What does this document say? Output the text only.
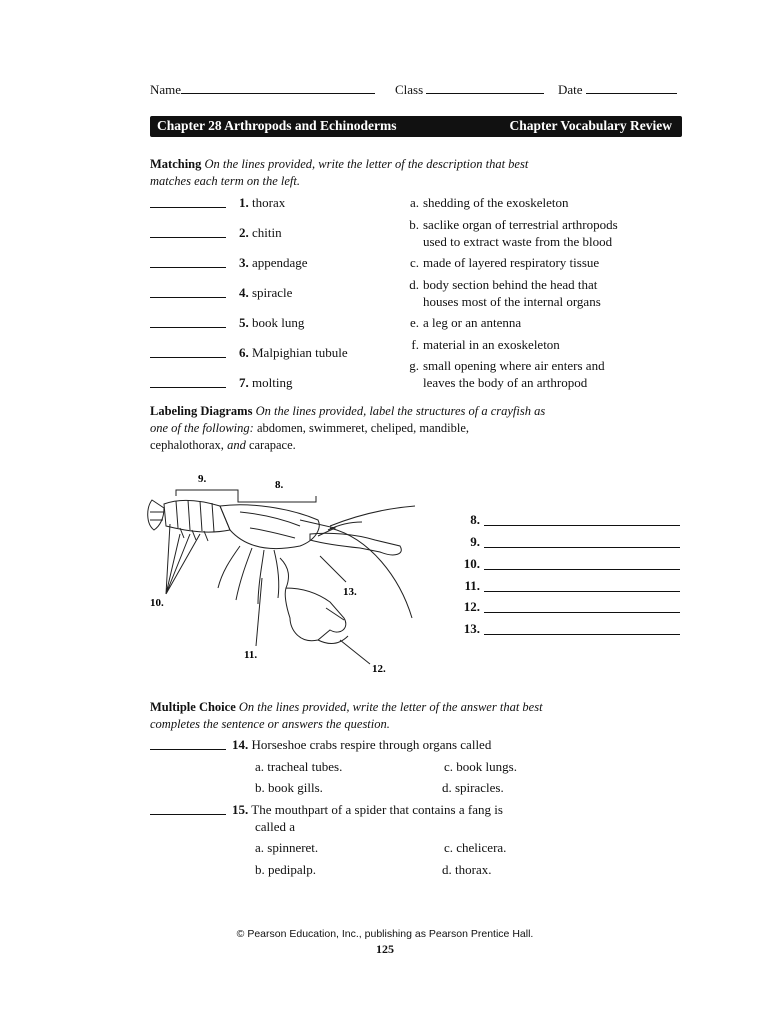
Name	Class	Date
Chapter 28 Arthropods and Echinoderms	Chapter Vocabulary Review
Matching On the lines provided, write the letter of the description that best matches each term on the left.
1. thorax
2. chitin
3. appendage
4. spiracle
5. book lung
6. Malpighian tubule
7. molting
a. shedding of the exoskeleton
b. saclike organ of terrestrial arthropods
used to extract waste from the blood
c. made of layered respiratory tissue
d. body section behind the head that
houses most of the internal organs
e. a leg or an antenna
f. material in an exoskeleton
g. small opening where air enters and
leaves the body of an arthropod
Labeling Diagrams On the lines provided, label the structures of a crayfish as
one of the following: abdomen, swimmeret, cheliped, mandible,
cephalothorax, and carapace.
9.	8.
10.
11.
12.
13.
8.
9.
10.
11.
12.
13.
Multiple Choice On the lines provided, write the letter of the answer that best completes the sentence or answers the question.
14. Horseshoe crabs respire through organs called
a. tracheal tubes.	c. book lungs.
b. book gills.	d. spiracles.
15. The mouthpart of a spider that contains a fang is
called a
a. spinneret.	c. chelicera.
b. pedipalp.	d. thorax.
© Pearson Education, Inc., publishing as Pearson Prentice Hall.
125
